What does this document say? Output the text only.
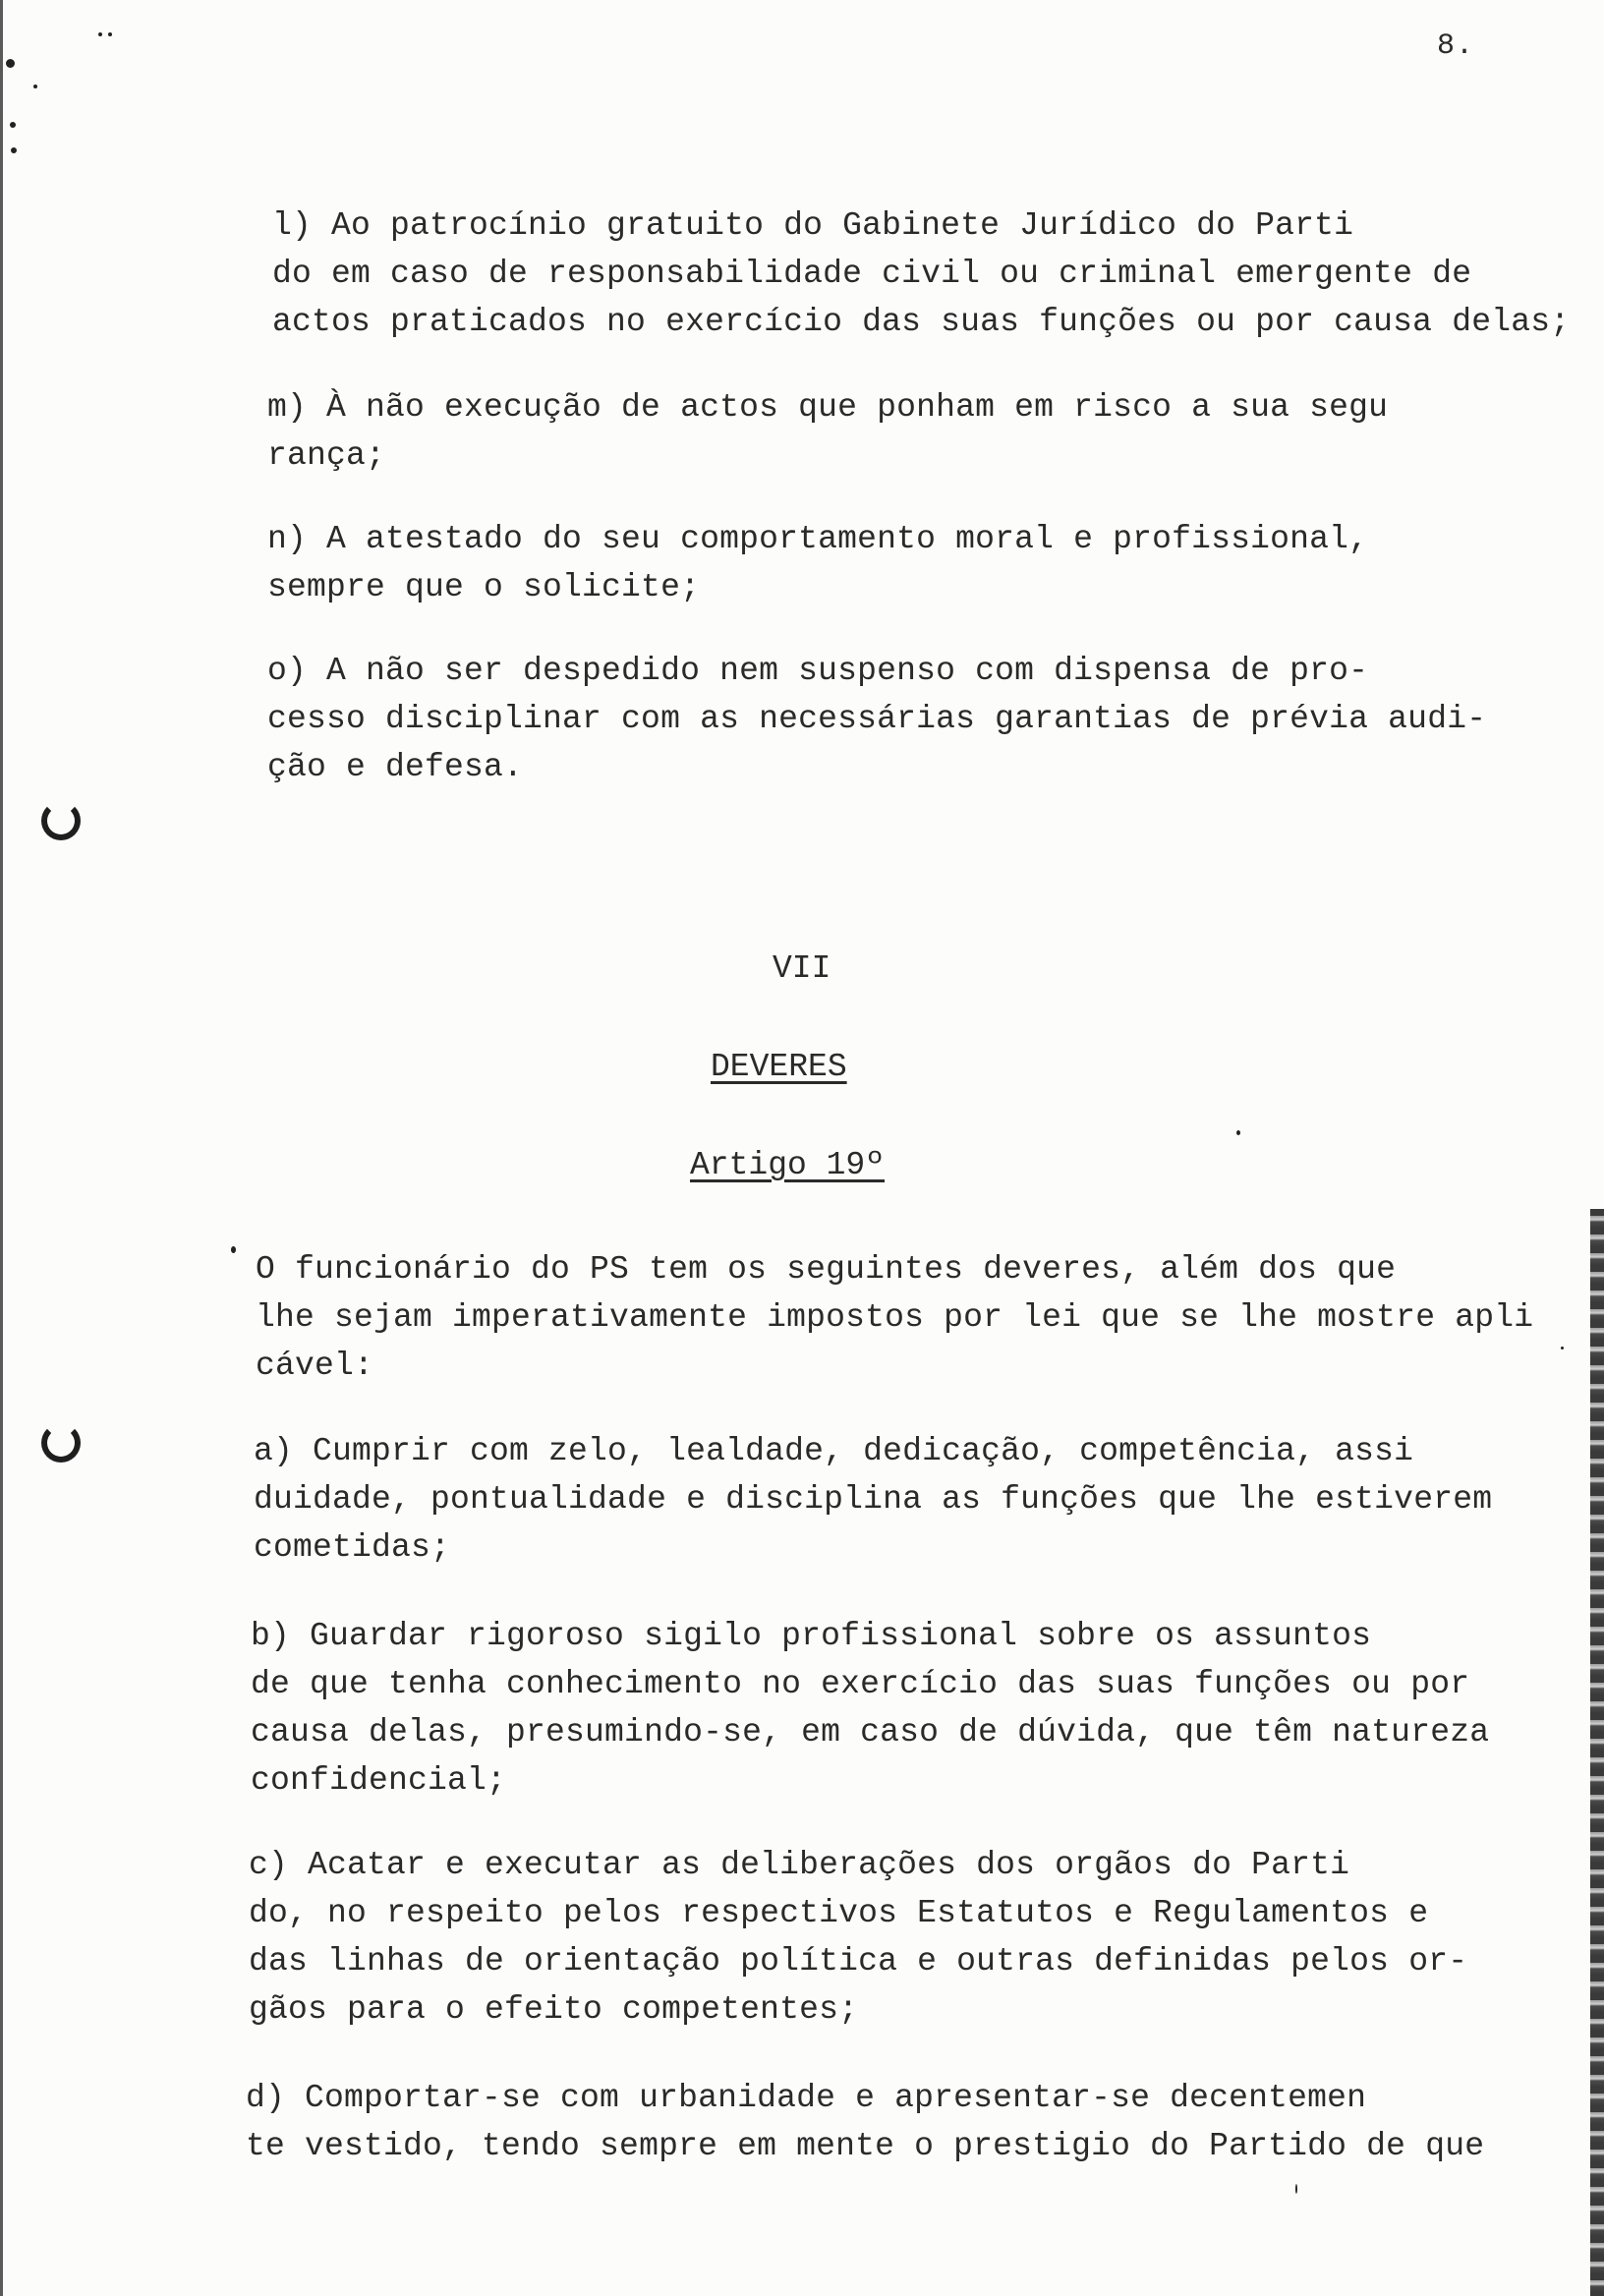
8.
l) Ao patrocínio gratuito do Gabinete Jurídico do Parti
do em caso de responsabilidade civil ou criminal emergente de
actos praticados no exercício das suas funções ou por causa delas;
m) À não execução de actos que ponham em risco a sua segu
rança;
n) A atestado do seu comportamento moral e profissional,
sempre que o solicite;
o) A não ser despedido nem suspenso com dispensa de pro-
cesso disciplinar com as necessárias garantias de prévia audi-
ção e defesa.
VII
DEVERES
Artigo 19º
O funcionário do PS tem os seguintes deveres, além dos que
lhe sejam imperativamente impostos por lei que se lhe mostre apli
cável:
a) Cumprir com zelo, lealdade, dedicação, competência, assi
duidade, pontualidade e disciplina as funções que lhe estiverem
cometidas;
b) Guardar rigoroso sigilo profissional sobre os assuntos
de que tenha conhecimento no exercício das suas funções ou por
causa delas, presumindo-se, em caso de dúvida, que têm natureza
confidencial;
c) Acatar e executar as deliberações dos orgãos do Parti
do, no respeito pelos respectivos Estatutos e Regulamentos e
das linhas de orientação política e outras definidas pelos or-
gãos para o efeito competentes;
d) Comportar-se com urbanidade e apresentar-se decentemen
te vestido, tendo sempre em mente o prestigio do Partido de que
